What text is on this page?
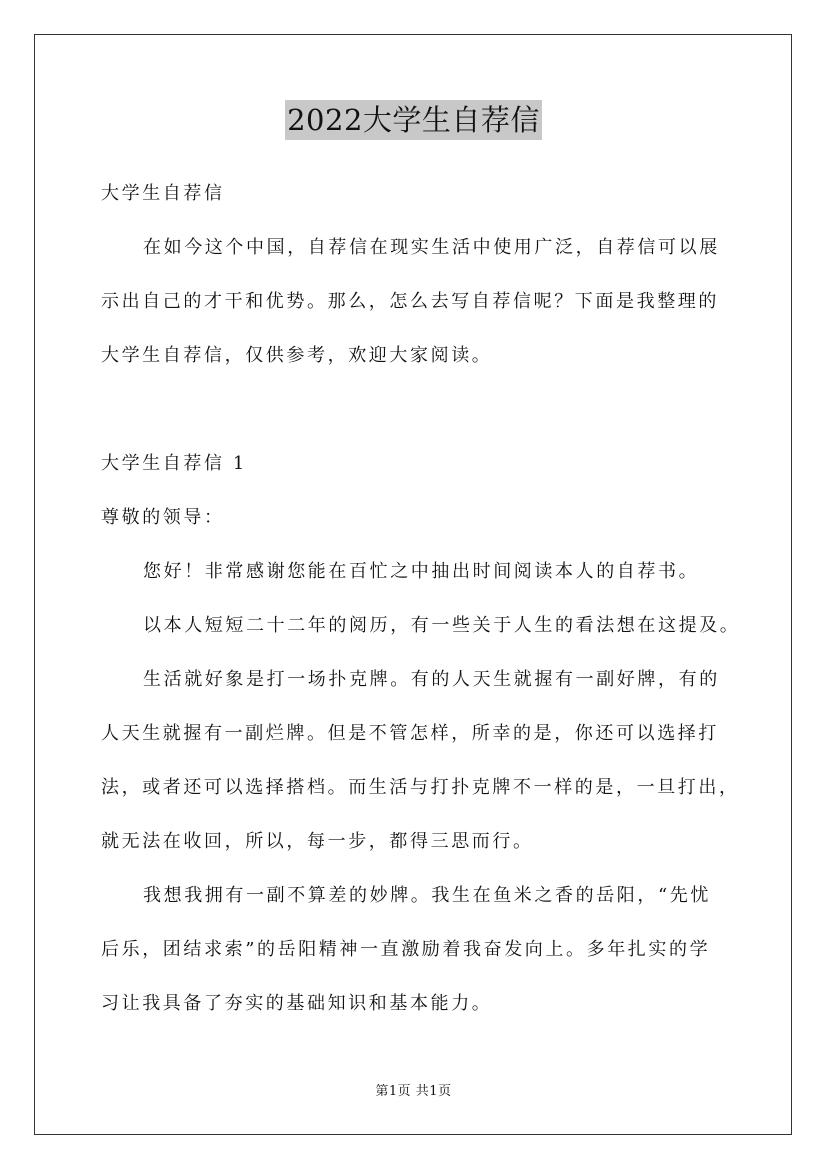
2022大学生自荐信
大学生自荐信
在如今这个中国，自荐信在现实生活中使用广泛，自荐信可以展
示出自己的才干和优势。那么，怎么去写自荐信呢？下面是我整理的
大学生自荐信，仅供参考，欢迎大家阅读。
大学生自荐信 1
尊敬的领导：
您好！非常感谢您能在百忙之中抽出时间阅读本人的自荐书。
以本人短短二十二年的阅历，有一些关于人生的看法想在这提及。
生活就好象是打一场扑克牌。有的人天生就握有一副好牌，有的
人天生就握有一副烂牌。但是不管怎样，所幸的是，你还可以选择打
法，或者还可以选择搭档。而生活与打扑克牌不一样的是，一旦打出，
就无法在收回，所以，每一步，都得三思而行。
我想我拥有一副不算差的妙牌。我生在鱼米之香的岳阳，“先忧
后乐，团结求索”的岳阳精神一直激励着我奋发向上。多年扎实的学
习让我具备了夯实的基础知识和基本能力。
第1页 共1页
